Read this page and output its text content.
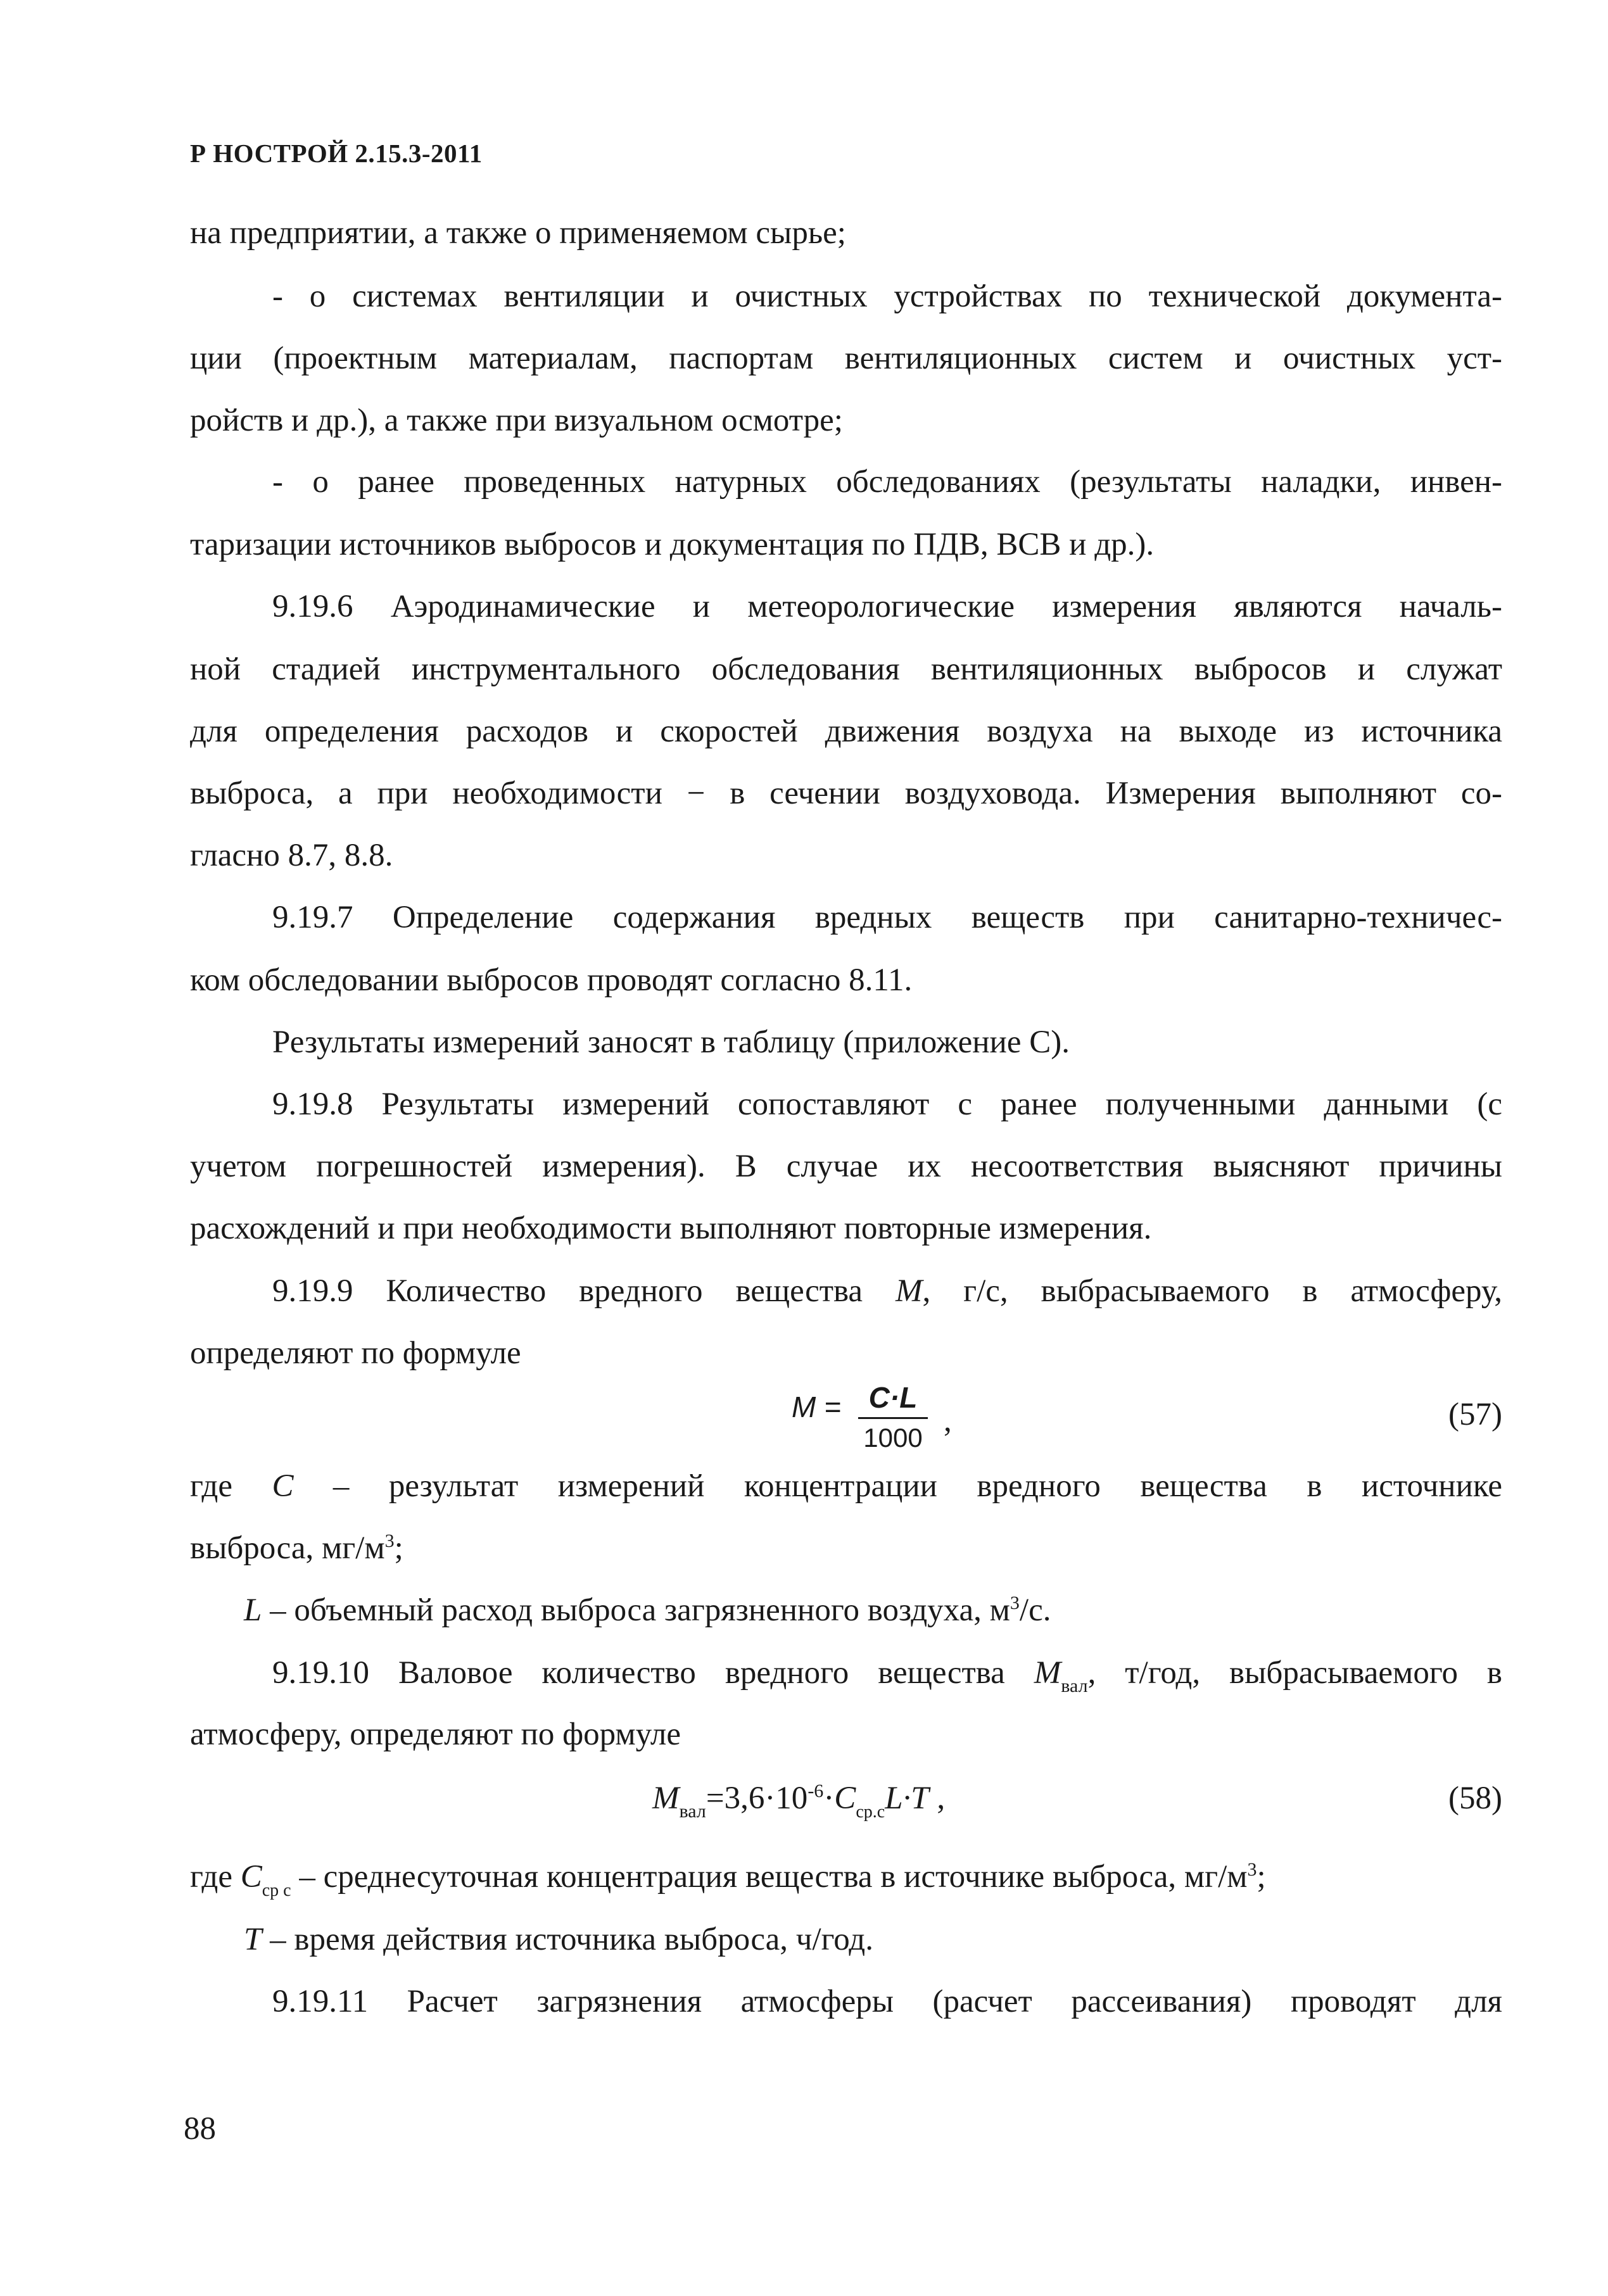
Р НОСТРОЙ 2.15.3-2011

на предприятии, а также о применяемом сырье;

- о системах вентиляции и очистных устройствах по технической документа-

ции (проектным материалам, паспортам вентиляционных систем и очистных уст-

ройств и др.), а также при визуальном осмотре;

- о ранее проведенных натурных обследованиях (результаты наладки, инвен-

таризации источников выбросов и документация по ПДВ, ВСВ и др.).

9.19.6 Аэродинамические и метеорологические измерения являются началь-

ной стадией инструментального обследования вентиляционных выбросов и служат

для определения расходов и скоростей движения воздуха на выходе из источника

выброса, а при необходимости − в сечении воздуховода. Измерения выполняют со-

гласно 8.7, 8.8.

9.19.7 Определение содержания вредных веществ при санитарно-техничес-

ком обследовании выбросов проводят согласно 8.11.

Результаты измерений заносят в таблицу (приложение С).

9.19.8 Результаты измерений сопоставляют с ранее полученными данными (с

учетом погрешностей измерения). В случае их несоответствия выясняют причины

расхождений и при необходимости выполняют повторные измерения.

9.19.9 Количество вредного вещества М, г/с, выбрасываемого в атмосферу,

определяют по формуле

M = C·L
1000 ,	(57)

где С – результат измерений концентрации вредного вещества в источнике

выброса, $мг/м^3$;

L – объемный расход выброса загрязненного воздуха, $м^3/с$.

9.19.10 Валовое количество вредного вещества $М_{вал}$, т/год, выбрасываемого в

атмосферу, определяют по формуле

$М_{вал}=3,6\cdot 10^{-6}\cdot С_{ср.с}L\cdot T$ ,	(58)

где $С_{ср с}$ – среднесуточная концентрация вещества в источнике выброса, $мг/м^3$;

Т – время действия источника выброса, ч/год.

9.19.11 Расчет загрязнения атмосферы (расчет рассеивания) проводят для

88
